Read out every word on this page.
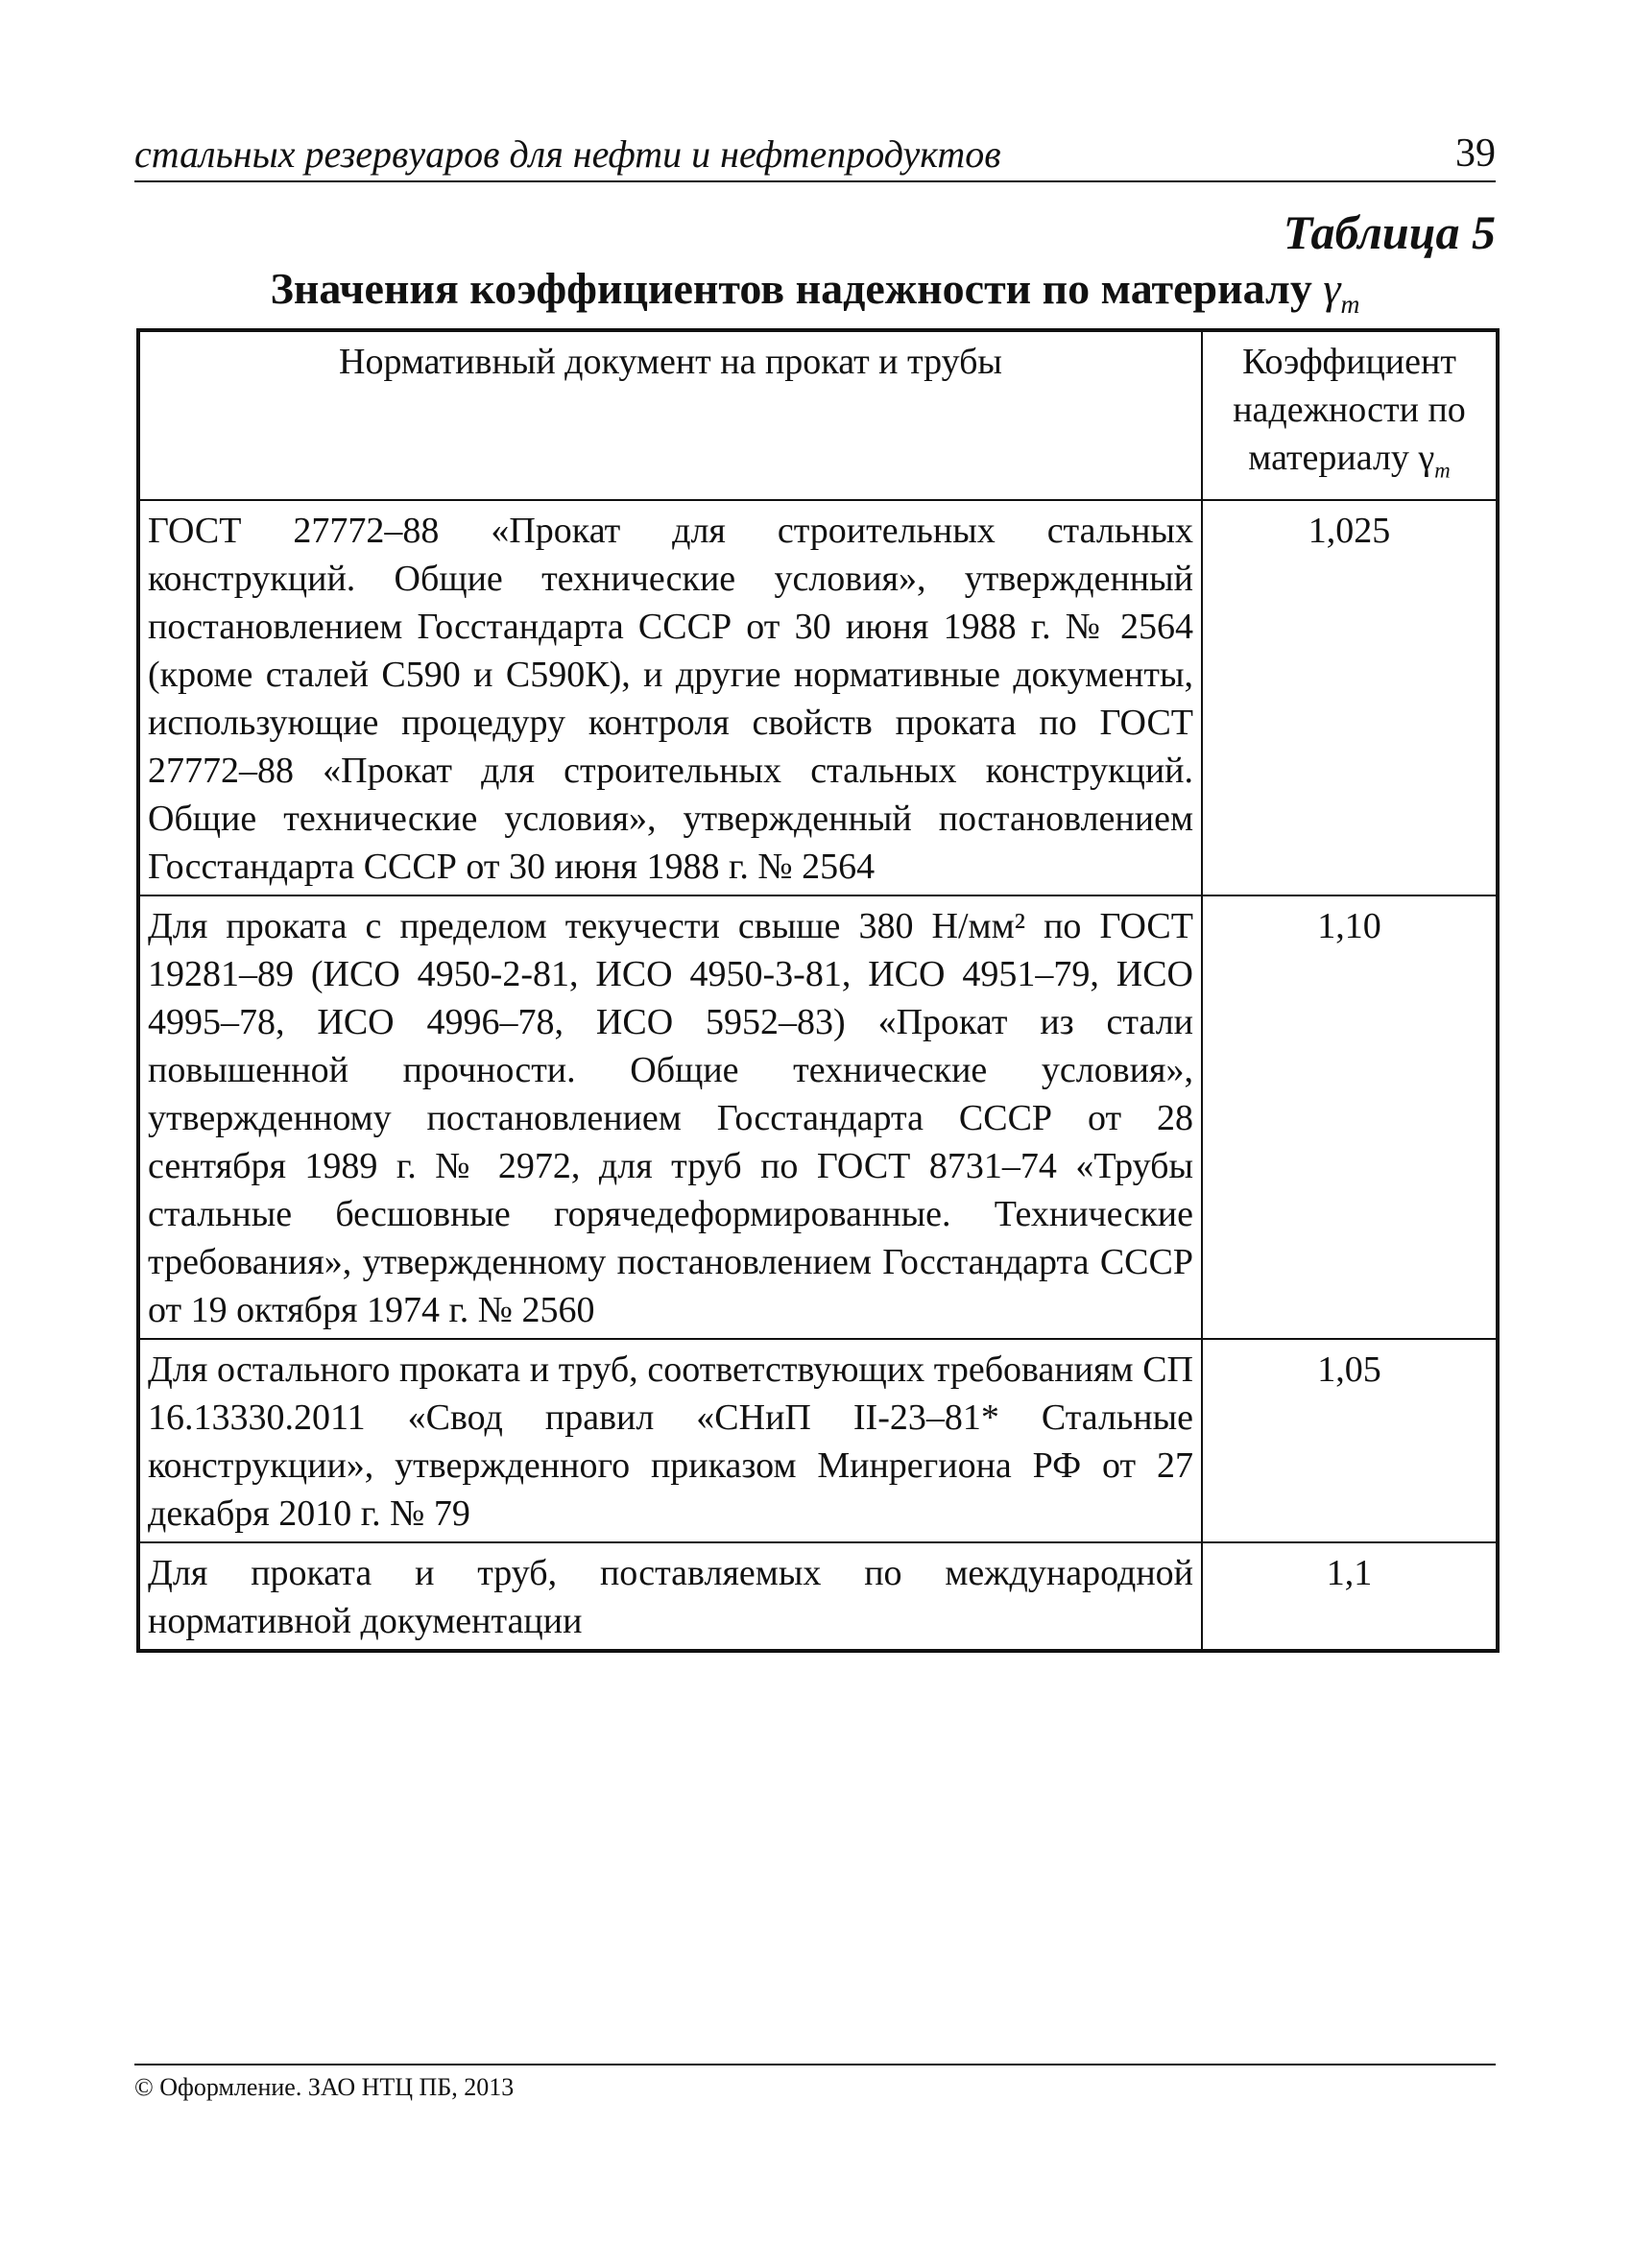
стальных резервуаров для нефти и нефтепродуктов	39
Таблица 5
Значения коэффициентов надежности по материалу $\gamma_m$
Нормативный документ на прокат и трубы	Коэффициент надежности по материалу $\gamma_m$
ГОСТ 27772–88 «Прокат для строительных стальных конструкций. Общие технические условия», утвержденный постановлением Госстандарта СССР от 30 июня 1988 г. № 2564 (кроме сталей С590 и С590К), и другие нормативные документы, использующие процедуру контроля свойств проката по ГОСТ 27772–88 «Прокат для строительных стальных конструкций. Общие технические условия», утвержденный постановлением Госстандарта СССР от 30 июня 1988 г. № 2564	1,025
Для проката с пределом текучести свыше 380 Н/мм² по ГОСТ 19281–89 (ИСО 4950-2-81, ИСО 4950-3-81, ИСО 4951–79, ИСО 4995–78, ИСО 4996–78, ИСО 5952–83) «Прокат из стали повышенной прочности. Общие технические условия», утвержденному постановлением Госстандарта СССР от 28 сентября 1989 г. № 2972, для труб по ГОСТ 8731–74 «Трубы стальные бесшовные горячедеформированные. Технические требования», утвержденному постановлением Госстандарта СССР от 19 октября 1974 г. № 2560	1,10
Для остального проката и труб, соответствующих требованиям СП 16.13330.2011 «Свод правил «СНиП II-23–81* Стальные конструкции», утвержденного приказом Минрегиона РФ от 27 декабря 2010 г. № 79	1,05
Для проката и труб, поставляемых по международной нормативной документации	1,1
© Оформление. ЗАО НТЦ ПБ, 2013
